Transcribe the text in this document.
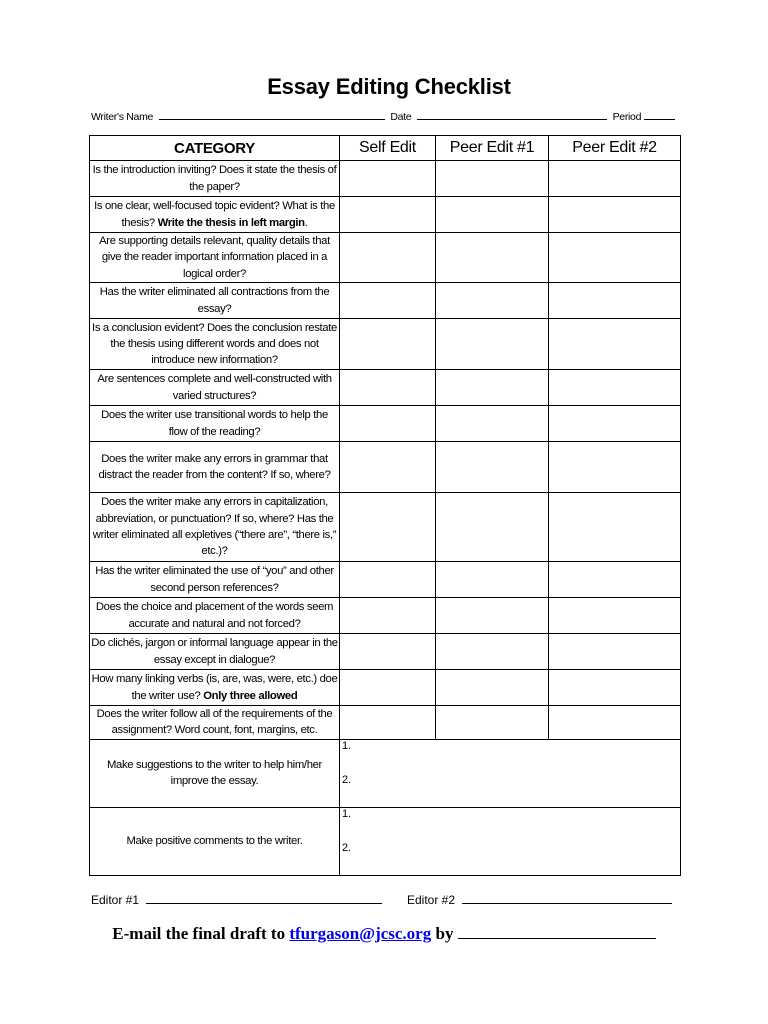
Essay Editing Checklist
Writer's Name	Date	Period
CATEGORY	Self Edit	Peer Edit #1	Peer Edit #2
Is the introduction inviting? Does it state the thesis of the paper?			
Is one clear, well-focused topic evident? What is the thesis? Write the thesis in left margin.			
Are supporting details relevant, quality details that give the reader important information placed in a logical order?			
Has the writer eliminated all contractions from the essay?			
Is a conclusion evident? Does the conclusion restate the thesis using different words and does not introduce new information?			
Are sentences complete and well-constructed with varied structures?			
Does the writer use transitional words to help the flow of the reading?			
Does the writer make any errors in grammar that distract the reader from the content? If so, where?			
Does the writer make any errors in capitalization, abbreviation, or punctuation? If so, where? Has the writer eliminated all expletives (“there are”, “there is,” etc.)?			
Has the writer eliminated the use of “you” and other second person references?			
Does the choice and placement of the words seem accurate and natural and not forced?			
Do clichés, jargon or informal language appear in the essay except in dialogue?			
How many linking verbs (is, are, was, were, etc.) doe the writer use? Only three allowed			
Does the writer follow all of the requirements of the assignment? Word count, font, margins, etc.			
Make suggestions to the writer to help him/her improve the essay.	1.
2.		

Make positive comments to the writer.	1.
2.		
Editor #1	Editor #2
E-mail the final draft to tfurgason@jcsc.org by
